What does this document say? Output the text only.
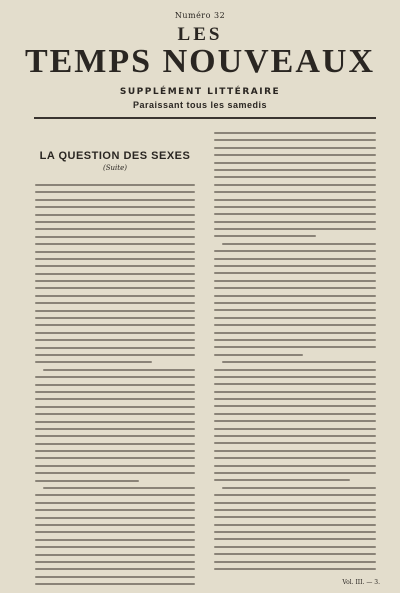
Numéro 32
LES
TEMPS NOUVEAUX
SUPPLÉMENT LITTÉRAIRE
Paraissant tous les samedis
LA QUESTION DES SEXES
(Suite)
Vol. III. — 3.
